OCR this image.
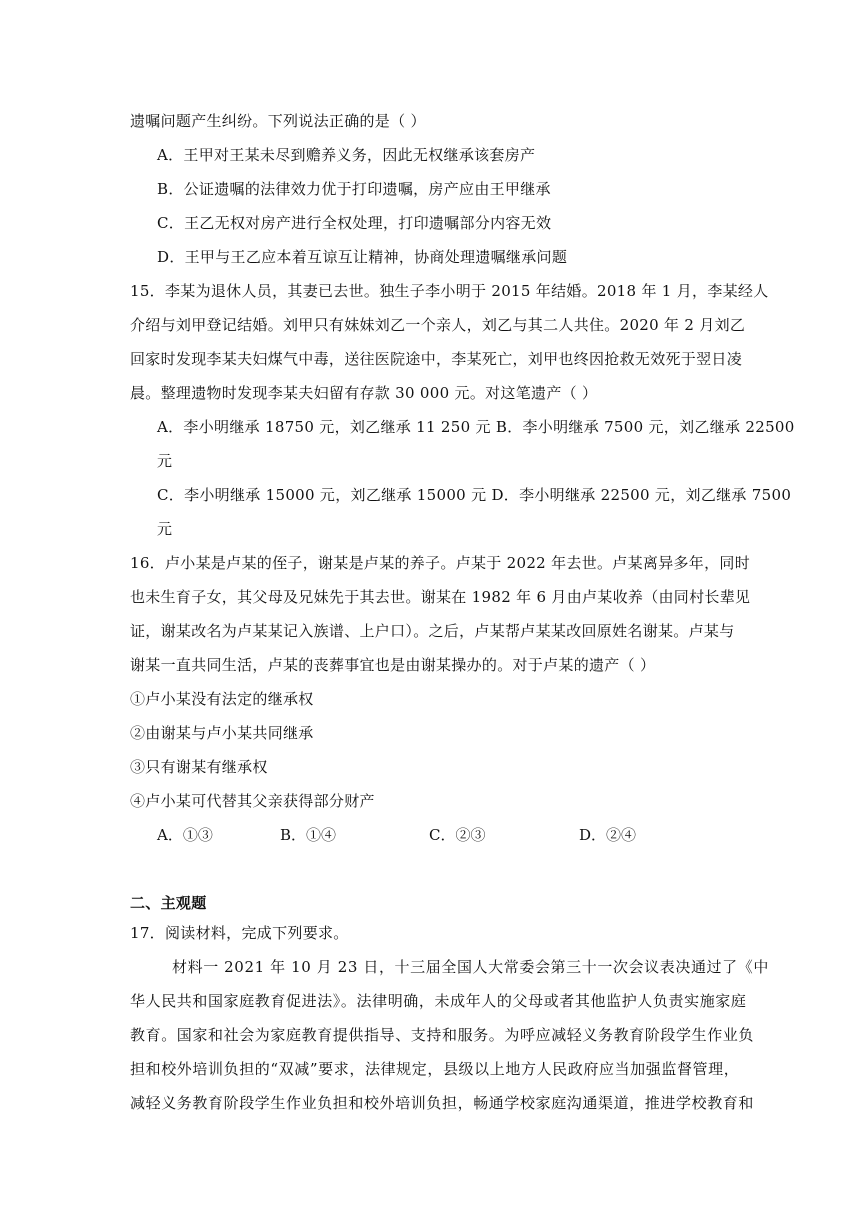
遗嘱问题产生纠纷。下列说法正确的是（ ）
A．王甲对王某未尽到赡养义务，因此无权继承该套房产
B．公证遗嘱的法律效力优于打印遗嘱，房产应由王甲继承
C．王乙无权对房产进行全权处理，打印遗嘱部分内容无效
D．王甲与王乙应本着互谅互让精神，协商处理遗嘱继承问题
15．李某为退休人员，其妻已去世。独生子李小明于 2015 年结婚。2018 年 1 月，李某经人
介绍与刘甲登记结婚。刘甲只有妹妹刘乙一个亲人，刘乙与其二人共住。2020 年 2 月刘乙
回家时发现李某夫妇煤气中毒，送往医院途中，李某死亡，刘甲也终因抢救无效死于翌日凌
晨。整理遗物时发现李某夫妇留有存款 30 000 元。对这笔遗产（ ）
A．李小明继承 18750 元，刘乙继承 11 250 元 B．李小明继承 7500 元，刘乙继承 22500
元
C．李小明继承 15000 元，刘乙继承 15000 元 D．李小明继承 22500 元，刘乙继承 7500
元
16．卢小某是卢某的侄子，谢某是卢某的养子。卢某于 2022 年去世。卢某离异多年，同时
也未生育子女，其父母及兄妹先于其去世。谢某在 1982 年 6 月由卢某收养（由同村长辈见
证，谢某改名为卢某某记入族谱、上户口）。之后，卢某帮卢某某改回原姓名谢某。卢某与
谢某一直共同生活，卢某的丧葬事宜也是由谢某操办的。对于卢某的遗产（ ）
①卢小某没有法定的继承权
②由谢某与卢小某共同继承
③只有谢某有继承权
④卢小某可代替其父亲获得部分财产
A．①③	B．①④	C．②③	D．②④
二、主观题
17．阅读材料，完成下列要求。
材料一 2021 年 10 月 23 日，十三届全国人大常委会第三十一次会议表决通过了《中
华人民共和国家庭教育促进法》。法律明确，未成年人的父母或者其他监护人负责实施家庭
教育。国家和社会为家庭教育提供指导、支持和服务。为呼应减轻义务教育阶段学生作业负
担和校外培训负担的“双减”要求，法律规定，县级以上地方人民政府应当加强监督管理，
减轻义务教育阶段学生作业负担和校外培训负担，畅通学校家庭沟通渠道，推进学校教育和
